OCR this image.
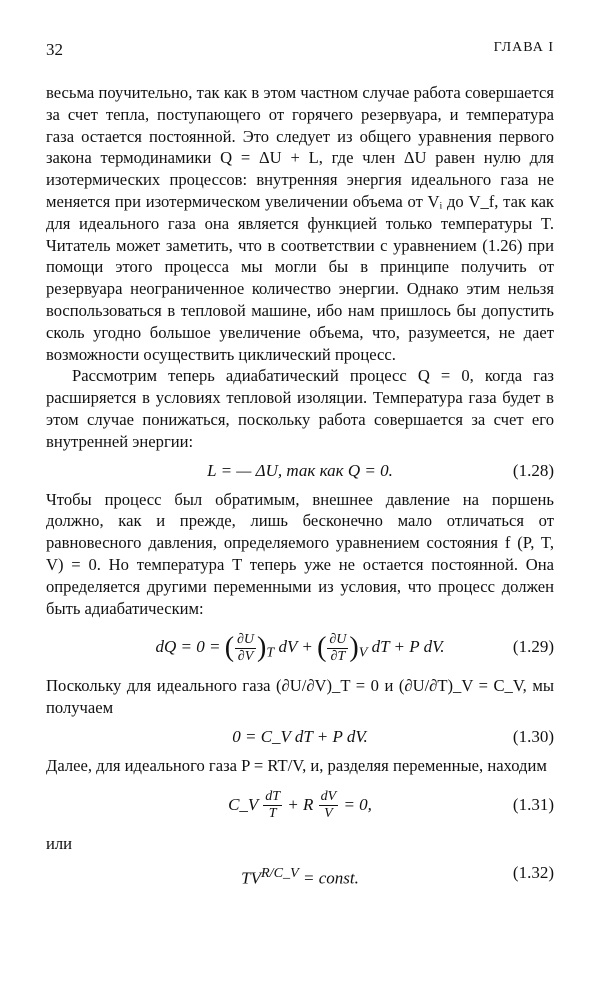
32	ГЛАВА I

весьма поучительно, так как в этом частном случае работа совершается за счет тепла, поступающего от горячего резервуара, и температура газа остается постоянной. Это следует из общего уравнения первого закона термодинамики Q = ΔU + L, где член ΔU равен нулю для изотермических процессов: внутренняя энергия идеального газа не меняется при изотермическом увеличении объема от Vᵢ до V_f, так как для идеального газа она является функцией только температуры T. Читатель может заметить, что в соответствии с уравнением (1.26) при помощи этого процесса мы могли бы в принципе получить от резервуара неограниченное количество энергии. Однако этим нельзя воспользоваться в тепловой машине, ибо нам пришлось бы допустить сколь угодно большое увеличение объема, что, разумеется, не дает возможности осуществить циклический процесс.

Рассмотрим теперь адиабатический процесс Q = 0, когда газ расширяется в условиях тепловой изоляции. Температура газа будет в этом случае понижаться, поскольку работа совершается за счет его внутренней энергии:

L = — ΔU, так как Q = 0.	(1.28)

Чтобы процесс был обратимым, внешнее давление на поршень должно, как и прежде, лишь бесконечно мало отличаться от равновесного давления, определяемого уравнением состояния f (P, T, V) = 0. Но температура T теперь уже не остается постоянной. Она определяется другими переменными из условия, что процесс должен быть адиабатическим:

dQ = 0 = ( $\frac{\partial U}{\partial V} )_T$ dV + ( $\frac{\partial U}{\partial T} )_V$ dT + P dV.	(1.29)

Поскольку для идеального газа (∂U/∂V)_T = 0 и (∂U/∂T)_V = C_V, мы получаем

0 = C_V dT + P dV.	(1.30)

Далее, для идеального газа P = RT/V, и, разделяя переменные, находим

C_V $\frac{dT}{T} + R \frac{dV}{V} = 0$,	(1.31)

или

$TV^{R/C\_V}$ = const.	(1.32)
